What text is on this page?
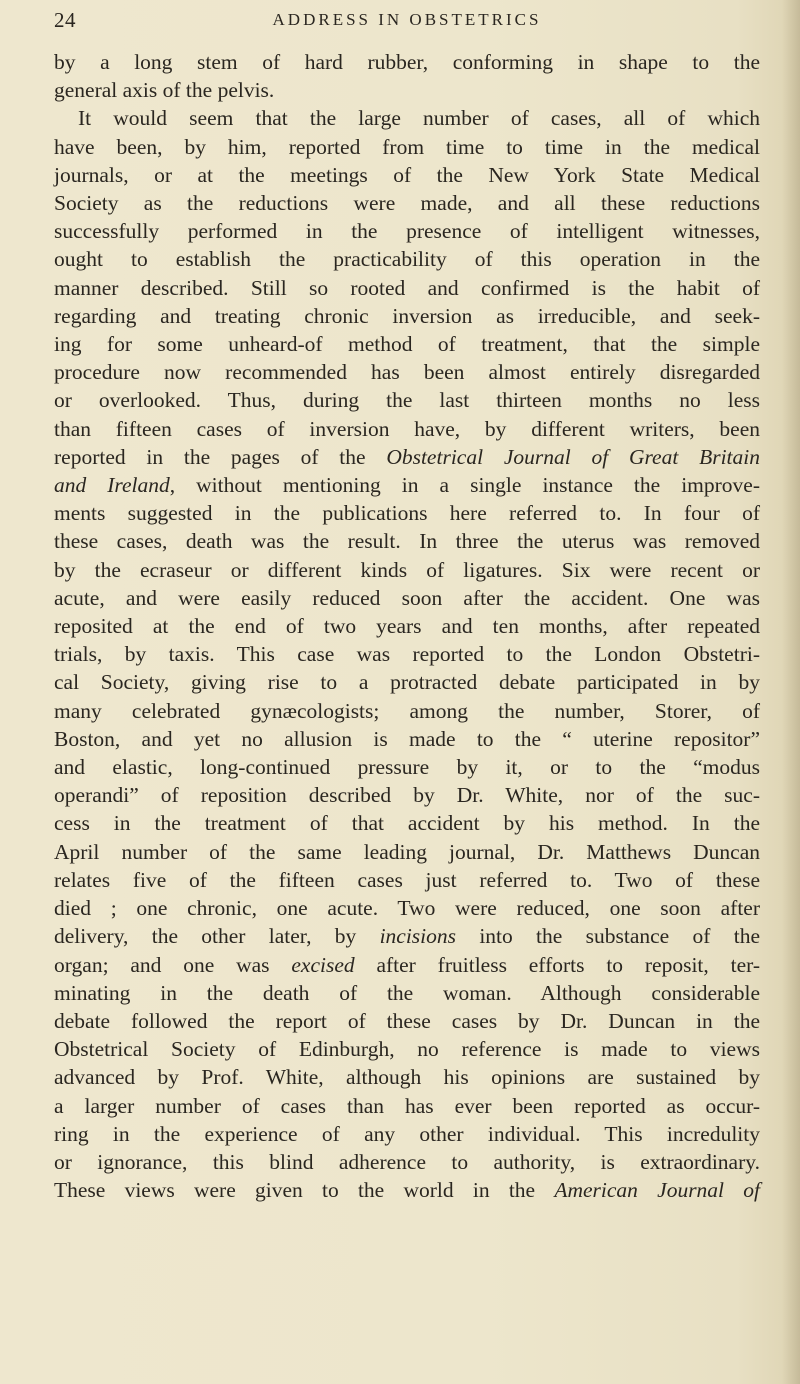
24	ADDRESS IN OBSTETRICS
by a long stem of hard rubber, conforming in shape to the
general axis of the pelvis.
It would seem that the large number of cases, all of which
have been, by him, reported from time to time in the medical
journals, or at the meetings of the New York State Medical
Society as the reductions were made, and all these reductions
successfully performed in the presence of intelligent witnesses,
ought to establish the practicability of this operation in the
manner described. Still so rooted and confirmed is the habit of
regarding and treating chronic inversion as irreducible, and seek-
ing for some unheard-of method of treatment, that the simple
procedure now recommended has been almost entirely disregarded
or overlooked. Thus, during the last thirteen months no less
than fifteen cases of inversion have, by different writers, been
reported in the pages of the Obstetrical Journal of Great Britain
and Ireland, without mentioning in a single instance the improve-
ments suggested in the publications here referred to. In four of
these cases, death was the result. In three the uterus was removed
by the ecraseur or different kinds of ligatures. Six were recent or
acute, and were easily reduced soon after the accident. One was
reposited at the end of two years and ten months, after repeated
trials, by taxis. This case was reported to the London Obstetri-
cal Society, giving rise to a protracted debate participated in by
many celebrated gynæcologists; among the number, Storer, of
Boston, and yet no allusion is made to the “ uterine repositor”
and elastic, long-continued pressure by it, or to the “modus
operandi” of reposition described by Dr. White, nor of the suc-
cess in the treatment of that accident by his method. In the
April number of the same leading journal, Dr. Matthews Duncan
relates five of the fifteen cases just referred to. Two of these
died ; one chronic, one acute. Two were reduced, one soon after
delivery, the other later, by incisions into the substance of the
organ; and one was excised after fruitless efforts to reposit, ter-
minating in the death of the woman. Although considerable
debate followed the report of these cases by Dr. Duncan in the
Obstetrical Society of Edinburgh, no reference is made to views
advanced by Prof. White, although his opinions are sustained by
a larger number of cases than has ever been reported as occur-
ring in the experience of any other individual. This incredulity
or ignorance, this blind adherence to authority, is extraordinary.
These views were given to the world in the American Journal of
